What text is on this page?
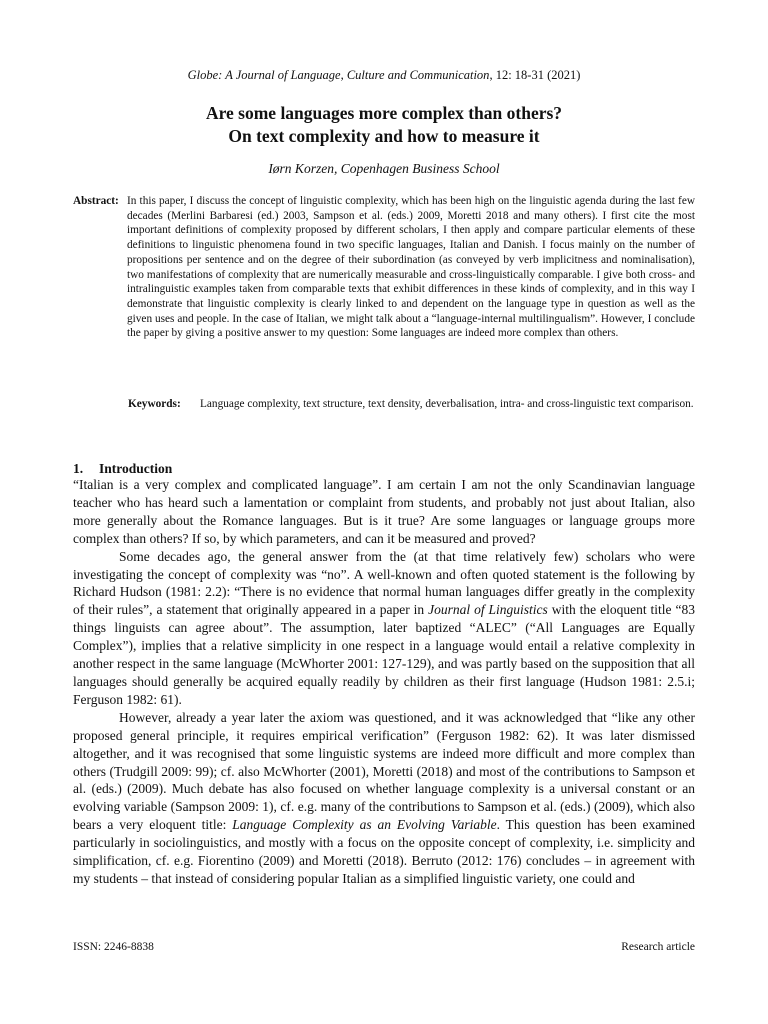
Globe: A Journal of Language, Culture and Communication, 12: 18-31 (2021)
Are some languages more complex than others?
On text complexity and how to measure it
Iørn Korzen, Copenhagen Business School
Abstract: In this paper, I discuss the concept of linguistic complexity, which has been high on the linguistic agenda during the last few decades (Merlini Barbaresi (ed.) 2003, Sampson et al. (eds.) 2009, Moretti 2018 and many others). I first cite the most important definitions of complexity proposed by different scholars, I then apply and compare particular elements of these definitions to linguistic phenomena found in two specific languages, Italian and Danish. I focus mainly on the number of propositions per sentence and on the degree of their subordination (as conveyed by verb implicitness and nominalisation), two manifestations of complexity that are numerically measurable and cross-linguistically comparable. I give both cross- and intralinguistic examples taken from comparable texts that exhibit differences in these kinds of complexity, and in this way I demonstrate that linguistic complexity is clearly linked to and dependent on the language type in question as well as the given uses and people. In the case of Italian, we might talk about a “language-internal multilingualism”. However, I conclude the paper by giving a positive answer to my question: Some languages are indeed more complex than others.
Keywords: Language complexity, text structure, text density, deverbalisation, intra- and cross-linguistic text comparison.
1. Introduction

“Italian is a very complex and complicated language”. I am certain I am not the only Scandinavian language teacher who has heard such a lamentation or complaint from students, and probably not just about Italian, also more generally about the Romance languages. But is it true? Are some languages or language groups more complex than others? If so, by which parameters, and can it be measured and proved?

Some decades ago, the general answer from the (at that time relatively few) scholars who were investigating the concept of complexity was “no”. A well-known and often quoted statement is the following by Richard Hudson (1981: 2.2): “There is no evidence that normal human languages differ greatly in the complexity of their rules”, a statement that originally appeared in a paper in Journal of Linguistics with the eloquent title “83 things linguists can agree about”. The assumption, later baptized “ALEC” (“All Languages are Equally Complex”), implies that a relative simplicity in one respect in a language would entail a relative complexity in another respect in the same language (McWhorter 2001: 127-129), and was partly based on the supposition that all languages should generally be acquired equally readily by children as their first language (Hudson 1981: 2.5.i; Ferguson 1982: 61).

However, already a year later the axiom was questioned, and it was acknowledged that “like any other proposed general principle, it requires empirical verification” (Ferguson 1982: 62). It was later dismissed altogether, and it was recognised that some linguistic systems are indeed more difficult and more complex than others (Trudgill 2009: 99); cf. also McWhorter (2001), Moretti (2018) and most of the contributions to Sampson et al. (eds.) (2009). Much debate has also focused on whether language complexity is a universal constant or an evolving variable (Sampson 2009: 1), cf. e.g. many of the contributions to Sampson et al. (eds.) (2009), which also bears a very eloquent title: Language Complexity as an Evolving Variable. This question has been examined particularly in sociolinguistics, and mostly with a focus on the opposite concept of complexity, i.e. simplicity and simplification, cf. e.g. Fiorentino (2009) and Moretti (2018). Berruto (2012: 176) concludes – in agreement with my students – that instead of considering popular Italian as a simplified linguistic variety, one could and

ISSN: 2246-8838	Research article
